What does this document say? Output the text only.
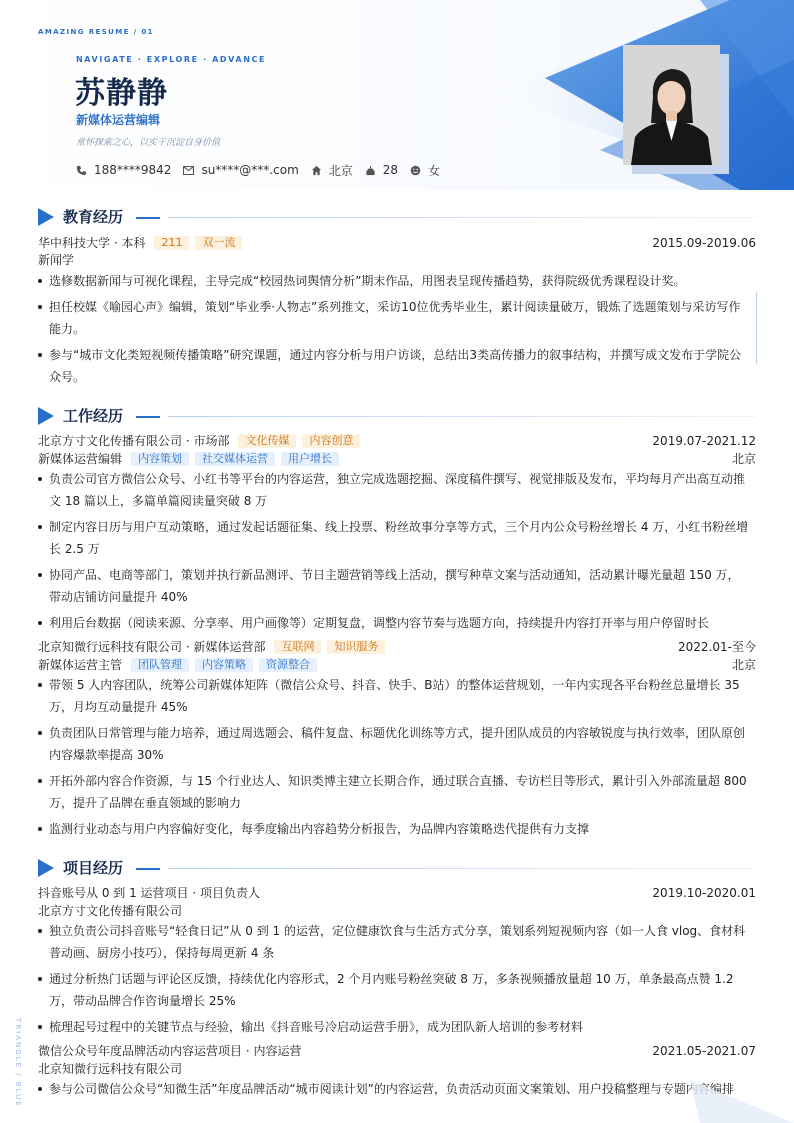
AMAZING RESUME / 01
NAVIGATE · EXPLORE · ADVANCE
苏静静
新媒体运营编辑
常怀探索之心，以实干沉淀自身价值
188****9842	su****@***.com	北京	28	女
教育经历
华中科技大学 · 本科	211	双一流	2015.09-2019.06
新闻学
选修数据新闻与可视化课程，主导完成“校园热词舆情分析”期末作品，用图表呈现传播趋势，获得院级优秀课程设计奖。
担任校媒《喻园心声》编辑，策划“毕业季·人物志”系列推文，采访10位优秀毕业生，累计阅读量破万，锻炼了选题策划与采访写作能力。
参与“城市文化类短视频传播策略”研究课题，通过内容分析与用户访谈，总结出3类高传播力的叙事结构，并撰写成文发布于学院公众号。
工作经历
北京方寸文化传播有限公司 · 市场部	文化传媒	内容创意	2019.07-2021.12
新媒体运营编辑	内容策划	社交媒体运营	用户增长	北京
负责公司官方微信公众号、小红书等平台的内容运营，独立完成选题挖掘、深度稿件撰写、视觉排版及发布，平均每月产出高互动推文 18 篇以上，多篇单篇阅读量突破 8 万
制定内容日历与用户互动策略，通过发起话题征集、线上投票、粉丝故事分享等方式，三个月内公众号粉丝增长 4 万，小红书粉丝增长 2.5 万
协同产品、电商等部门，策划并执行新品测评、节日主题营销等线上活动，撰写种草文案与活动通知，活动累计曝光量超 150 万，带动店铺访问量提升 40%
利用后台数据（阅读来源、分享率、用户画像等）定期复盘，调整内容节奏与选题方向，持续提升内容打开率与用户停留时长
北京知微行远科技有限公司 · 新媒体运营部	互联网	知识服务	2022.01-至今
新媒体运营主管	团队管理	内容策略	资源整合	北京
带领 5 人内容团队，统筹公司新媒体矩阵（微信公众号、抖音、快手、B站）的整体运营规划，一年内实现各平台粉丝总量增长 35 万，月均互动量提升 45%
负责团队日常管理与能力培养，通过周选题会、稿件复盘、标题优化训练等方式，提升团队成员的内容敏锐度与执行效率，团队原创内容爆款率提高 30%
开拓外部内容合作资源，与 15 个行业达人、知识类博主建立长期合作，通过联合直播、专访栏目等形式，累计引入外部流量超 800 万，提升了品牌在垂直领域的影响力
监测行业动态与用户内容偏好变化，每季度输出内容趋势分析报告，为品牌内容策略迭代提供有力支撑
项目经历
抖音账号从 0 到 1 运营项目 · 项目负责人	2019.10-2020.01
北京方寸文化传播有限公司
独立负责公司抖音账号“轻食日记”从 0 到 1 的运营，定位健康饮食与生活方式分享，策划系列短视频内容（如一人食 vlog、食材科普动画、厨房小技巧），保持每周更新 4 条
通过分析热门话题与评论区反馈，持续优化内容形式，2 个月内账号粉丝突破 8 万，多条视频播放量超 10 万，单条最高点赞 1.2 万，带动品牌合作咨询量增长 25%
梳理起号过程中的关键节点与经验，输出《抖音账号冷启动运营手册》，成为团队新人培训的参考材料
微信公众号年度品牌活动内容运营项目 · 内容运营	2021.05-2021.07
北京知微行远科技有限公司
参与公司微信公众号“知微生活”年度品牌活动“城市阅读计划”的内容运营，负责活动页面文案策划、用户投稿整理与专题内容编排
TRIANGLE / BLUE
